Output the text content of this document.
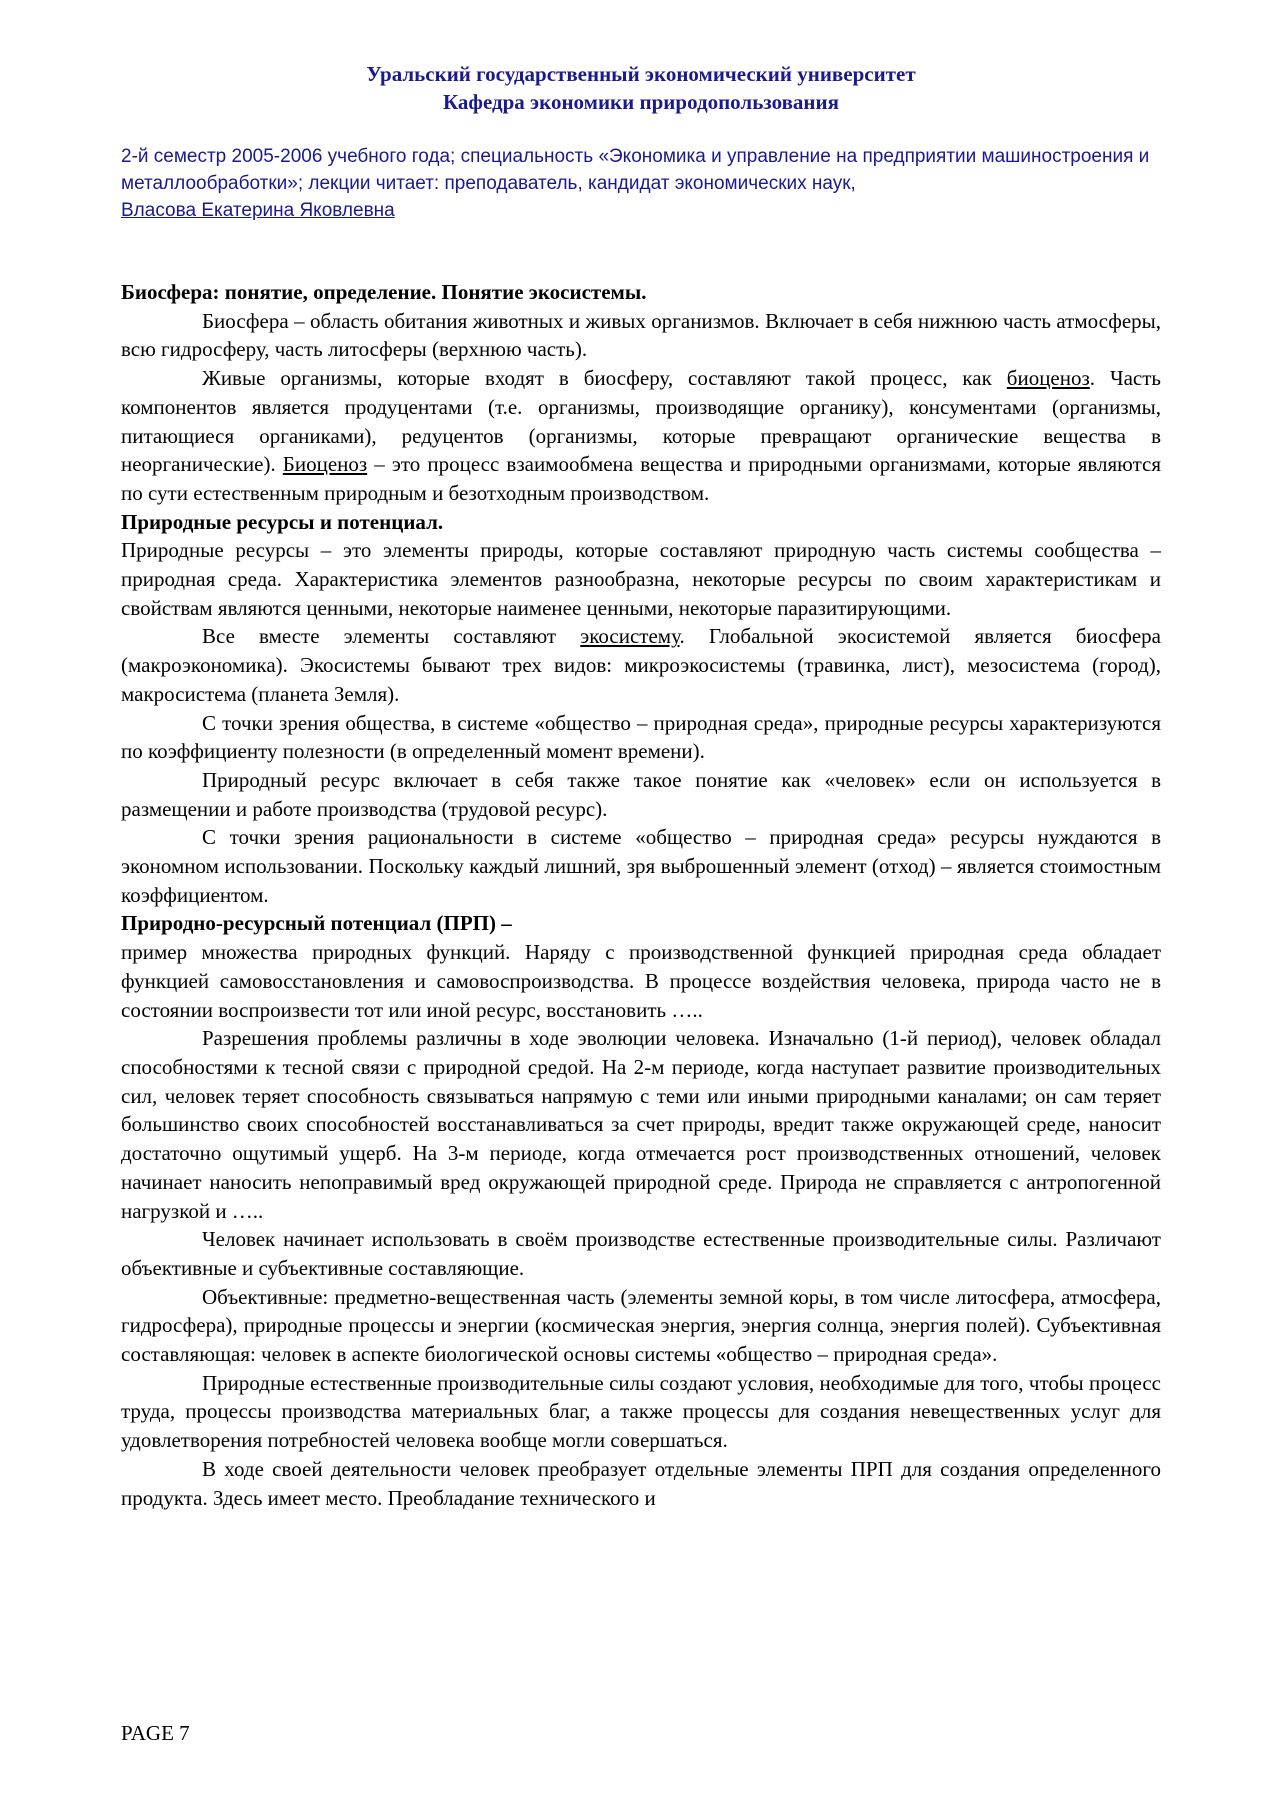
Уральский государственный экономический университет
Кафедра экономики природопользования
2-й семестр 2005-2006 учебного года; специальность «Экономика и управление на предприятии машиностроения и металлообработки»; лекции читает: преподаватель, кандидат экономических наук,
Власова Екатерина Яковлевна
Биосфера: понятие, определение. Понятие экосистемы.

Биосфера – область обитания животных и живых организмов. Включает в себя нижнюю часть атмосферы, всю гидросферу, часть литосферы (верхнюю часть).

Живые организмы, которые входят в биосферу, составляют такой процесс, как биоценоз. Часть компонентов является продуцентами (т.е. организмы, производящие органику), консументами (организмы, питающиеся органиками), редуцентов (организмы, которые превращают органические вещества в неорганические). Биоценоз – это процесс взаимообмена вещества и природными организмами, которые являются по сути естественным природным и безотходным производством.

Природные ресурсы и потенциал.

Природные ресурсы – это элементы природы, которые составляют природную часть системы сообщества – природная среда. Характеристика элементов разнообразна, некоторые ресурсы по своим характеристикам и свойствам являются ценными, некоторые наименее ценными, некоторые паразитирующими.

Все вместе элементы составляют экосистему. Глобальной экосистемой является биосфера (макроэкономика). Экосистемы бывают трех видов: микроэкосистемы (травинка, лист), мезосистема (город), макросистема (планета Земля).

С точки зрения общества, в системе «общество – природная среда», природные ресурсы характеризуются по коэффициенту полезности (в определенный момент времени).

Природный ресурс включает в себя также такое понятие как «человек» если он используется в размещении и работе производства (трудовой ресурс).

С точки зрения рациональности в системе «общество – природная среда» ресурсы нуждаются в экономном использовании. Поскольку каждый лишний, зря выброшенный элемент (отход) – является стоимостным коэффициентом.

Природно-ресурсный потенциал (ПРП) –

пример множества природных функций. Наряду с производственной функцией природная среда обладает функцией самовосстановления и самовоспроизводства. В процессе воздействия человека, природа часто не в состоянии воспроизвести тот или иной ресурс, восстановить …..

Разрешения проблемы различны в ходе эволюции человека. Изначально (1-й период), человек обладал способностями к тесной связи с природной средой. На 2-м периоде, когда наступает развитие производительных сил, человек теряет способность связываться напрямую с теми или иными природными каналами; он сам теряет большинство своих способностей восстанавливаться за счет природы, вредит также окружающей среде, наносит достаточно ощутимый ущерб. На 3-м периоде, когда отмечается рост производственных отношений, человек начинает наносить непоправимый вред окружающей природной среде. Природа не справляется с антропогенной нагрузкой и …..

Человек начинает использовать в своём производстве естественные производительные силы. Различают объективные и субъективные составляющие.

Объективные: предметно-вещественная часть (элементы земной коры, в том числе литосфера, атмосфера, гидросфера), природные процессы и энергии (космическая энергия, энергия солнца, энергия полей). Субъективная составляющая: человек в аспекте биологической основы системы «общество – природная среда».

Природные естественные производительные силы создают условия, необходимые для того, чтобы процесс труда, процессы производства материальных благ, а также процессы для создания невещественных услуг для удовлетворения потребностей человека вообще могли совершаться.

В ходе своей деятельности человек преобразует отдельные элементы ПРП для создания определенного продукта. Здесь имеет место. Преобладание технического и

PAGE 7
